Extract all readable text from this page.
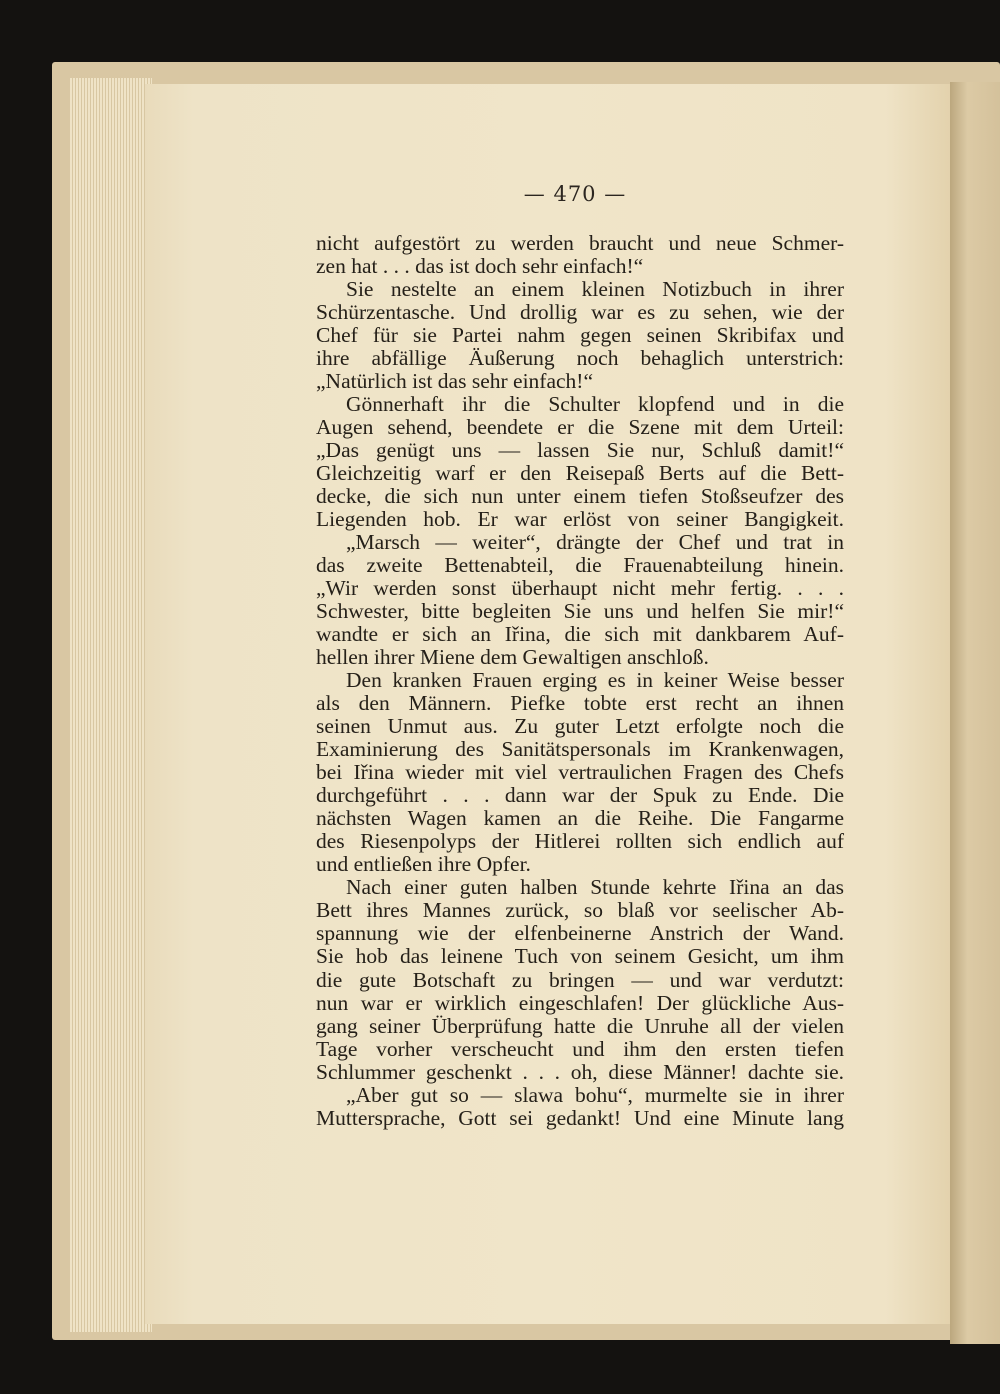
— 470 —
nicht aufgestört zu werden braucht und neue Schmer-
zen hat . . . das ist doch sehr einfach!“
Sie nestelte an einem kleinen Notizbuch in ihrer
Schürzentasche. Und drollig war es zu sehen, wie der
Chef für sie Partei nahm gegen seinen Skribifax und
ihre abfällige Äußerung noch behaglich unterstrich:
„Natürlich ist das sehr einfach!“
Gönnerhaft ihr die Schulter klopfend und in die
Augen sehend, beendete er die Szene mit dem Urteil:
„Das genügt uns — lassen Sie nur, Schluß damit!“
Gleichzeitig warf er den Reisepaß Berts auf die Bett-
decke, die sich nun unter einem tiefen Stoßseufzer des
Liegenden hob. Er war erlöst von seiner Bangigkeit.
„Marsch — weiter“, drängte der Chef und trat in
das zweite Bettenabteil, die Frauenabteilung hinein.
„Wir werden sonst überhaupt nicht mehr fertig. . . .
Schwester, bitte begleiten Sie uns und helfen Sie mir!“
wandte er sich an Iřina, die sich mit dankbarem Auf-
hellen ihrer Miene dem Gewaltigen anschloß.
Den kranken Frauen erging es in keiner Weise besser
als den Männern. Piefke tobte erst recht an ihnen
seinen Unmut aus. Zu guter Letzt erfolgte noch die
Examinierung des Sanitätspersonals im Krankenwagen,
bei Iřina wieder mit viel vertraulichen Fragen des Chefs
durchgeführt . . . dann war der Spuk zu Ende. Die
nächsten Wagen kamen an die Reihe. Die Fangarme
des Riesenpolyps der Hitlerei rollten sich endlich auf
und entließen ihre Opfer.
Nach einer guten halben Stunde kehrte Iřina an das
Bett ihres Mannes zurück, so blaß vor seelischer Ab-
spannung wie der elfenbeinerne Anstrich der Wand.
Sie hob das leinene Tuch von seinem Gesicht, um ihm
die gute Botschaft zu bringen — und war verdutzt:
nun war er wirklich eingeschlafen! Der glückliche Aus-
gang seiner Überprüfung hatte die Unruhe all der vielen
Tage vorher verscheucht und ihm den ersten tiefen
Schlummer geschenkt . . . oh, diese Männer! dachte sie.
„Aber gut so — slawa bohu“, murmelte sie in ihrer
Muttersprache, Gott sei gedankt! Und eine Minute lang
